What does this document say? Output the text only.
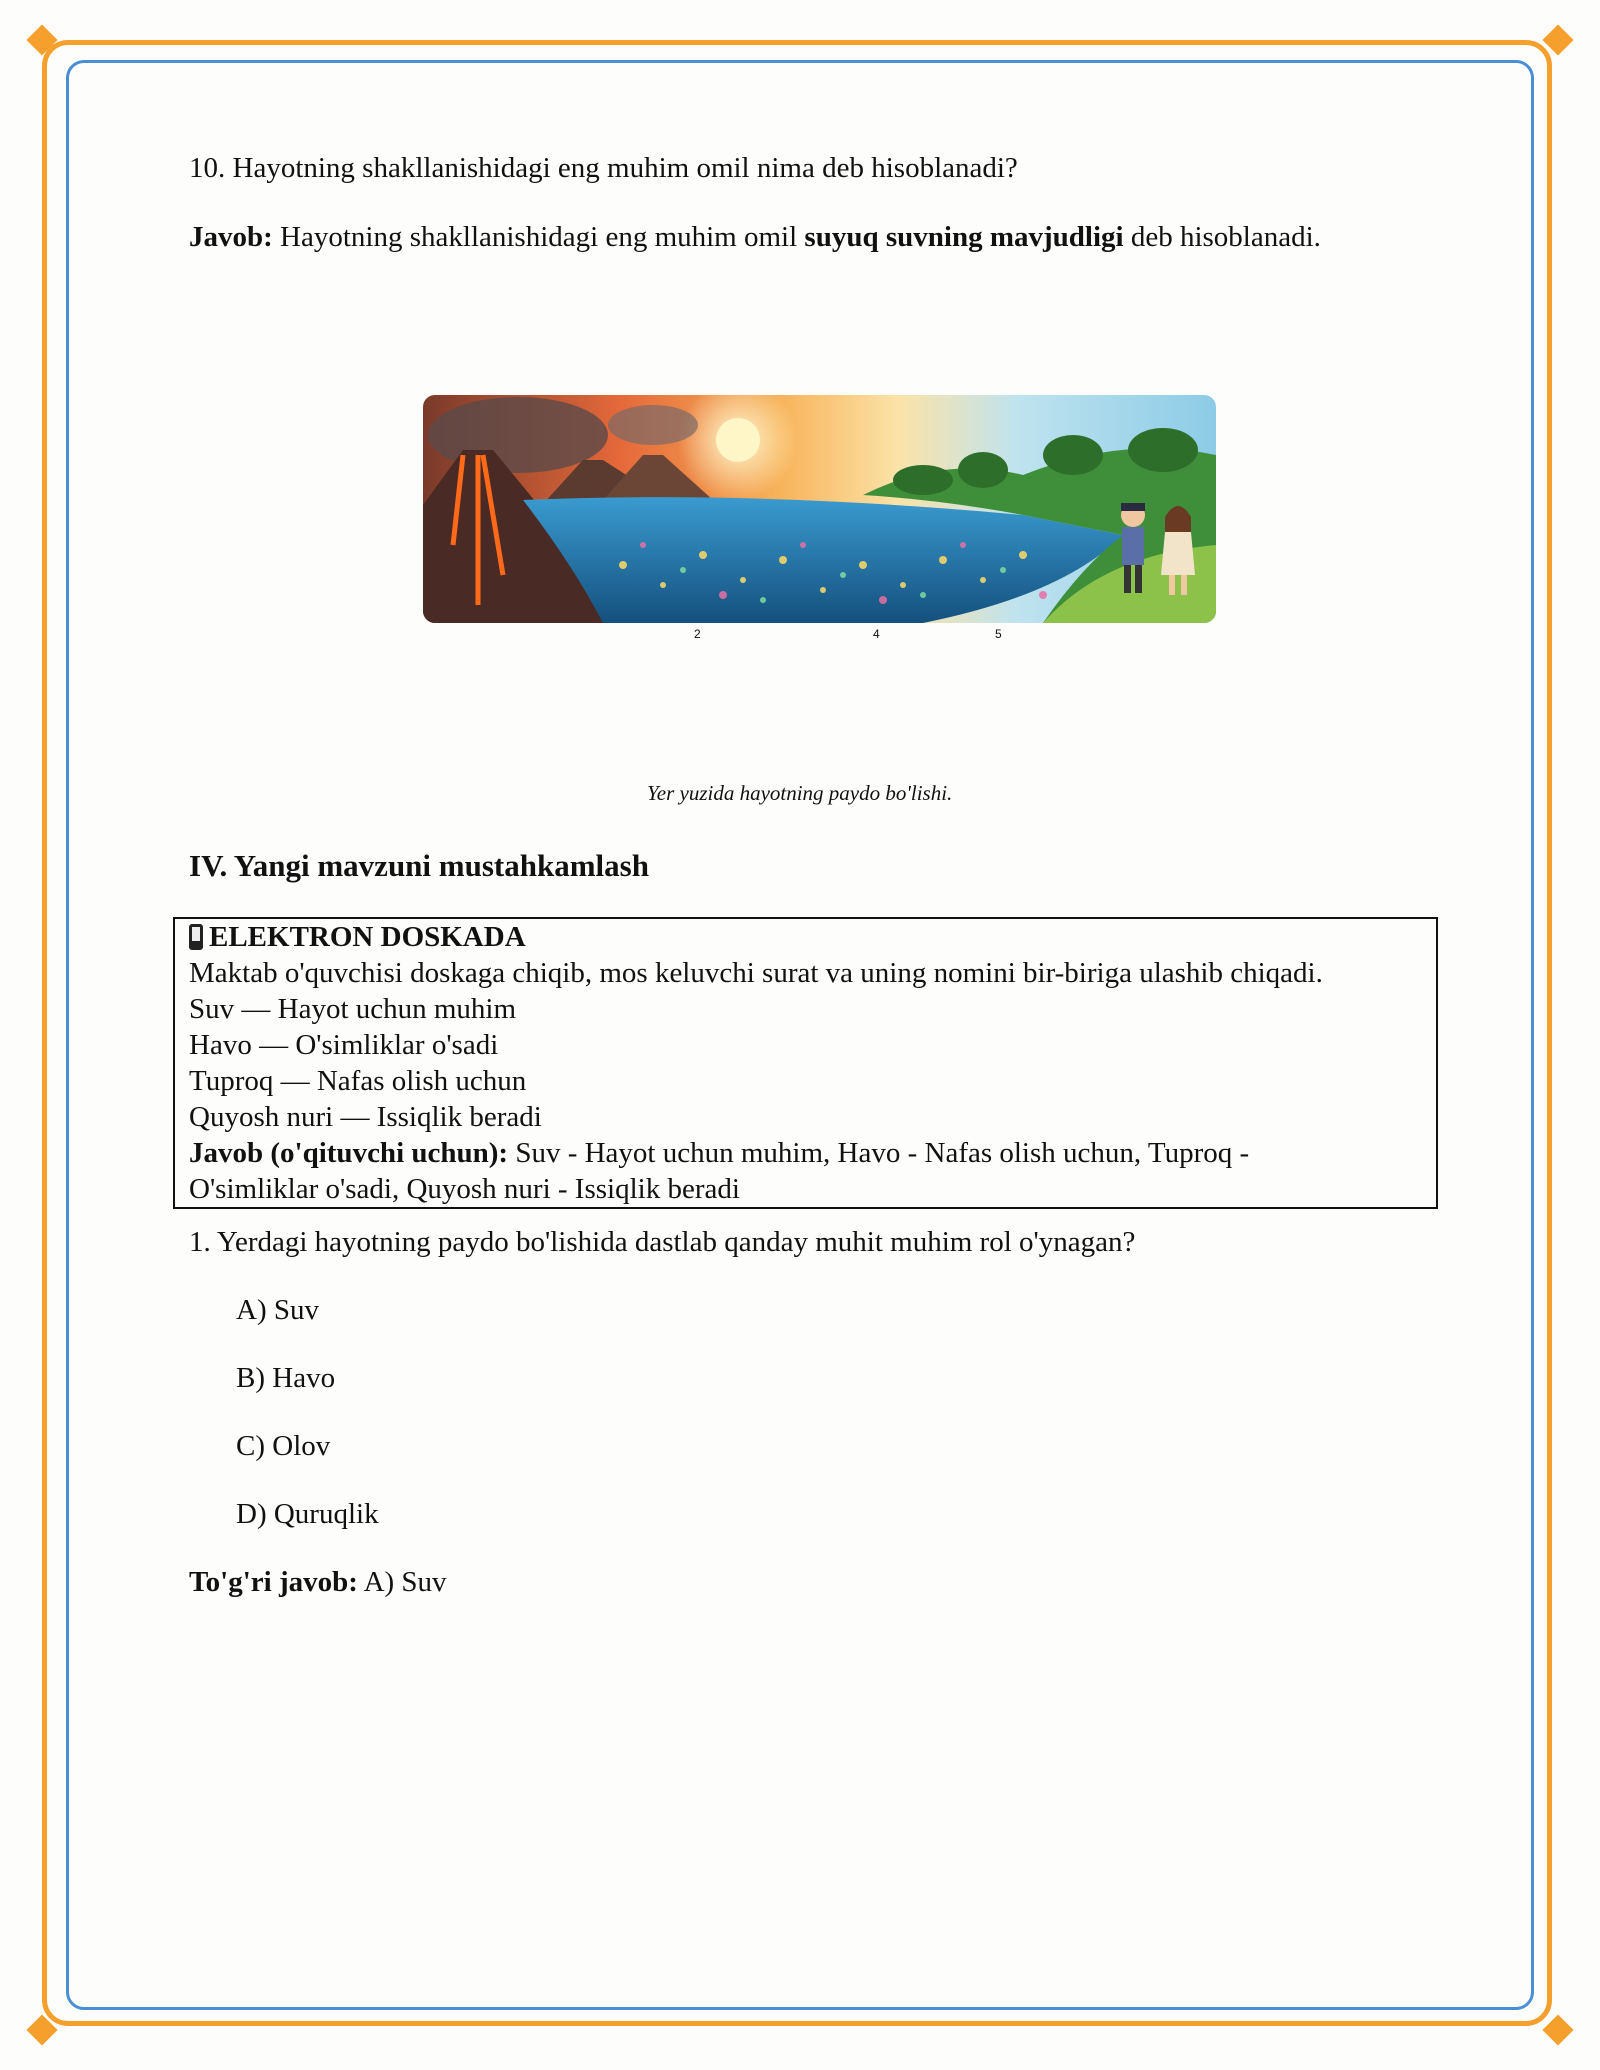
10. Hayotning shakllanishidagi eng muhim omil nima deb hisoblanadi?
Javob: Hayotning shakllanishidagi eng muhim omil suyuq suvning mavjudligi deb hisoblanadi.
2	4	5
Yer yuzida hayotning paydo bo'lishi.
IV. Yangi mavzuni mustahkamlash
ELEKTRON DOSKADA
Maktab o'quvchisi doskaga chiqib, mos keluvchi surat va uning nomini bir-biriga ulashib chiqadi.
Suv — Hayot uchun muhim
Havo — O'simliklar o'sadi
Tuproq — Nafas olish uchun
Quyosh nuri — Issiqlik beradi
Javob (o'qituvchi uchun): Suv - Hayot uchun muhim, Havo - Nafas olish uchun, Tuproq -
O'simliklar o'sadi, Quyosh nuri - Issiqlik beradi
1. Yerdagi hayotning paydo bo'lishida dastlab qanday muhit muhim rol o'ynagan?
A) Suv
B) Havo
C) Olov
D) Quruqlik
To'g'ri javob: A) Suv
